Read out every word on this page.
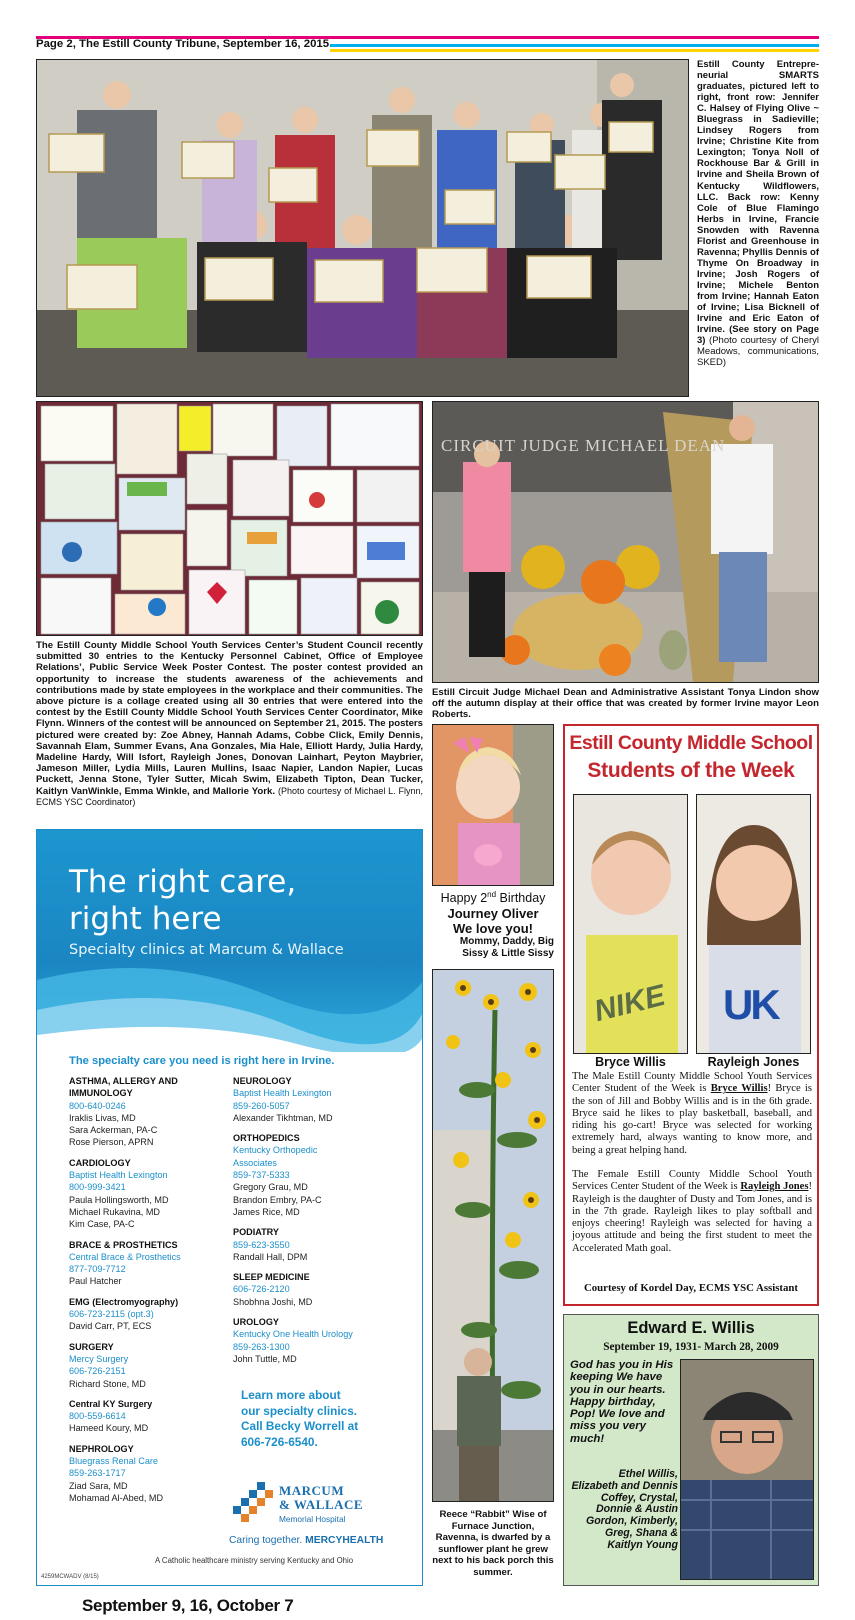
Page 2, The Estill County Tribune, September 16, 2015
Estill County Entrepre-neurial SMARTS graduates, pictured left to right, front row: Jennifer C. Halsey of Flying Olive ~ Bluegrass in Sadieville; Lindsey Rogers from Irvine; Christine Kite from Lexington; Tonya Noll of Rockhouse Bar & Grill in Irvine and Sheila Brown of Kentucky Wildflowers, LLC. Back row: Kenny Cole of Blue Flamingo Herbs in Irvine, Francie Snowden with Ravenna Florist and Greenhouse in Ravenna; Phyllis Dennis of Thyme On Broadway in Irvine; Josh Rogers of Irvine; Michele Benton from Irvine; Hannah Eaton of Irvine; Lisa Bicknell of Irvine and Eric Eaton of Irvine. (See story on Page 3) (Photo courtesy of Cheryl Meadows, communications, SKED)
The Estill County Middle School Youth Services Center’s Student Council recently submitted 30 entries to the Kentucky Personnel Cabinet, Office of Employee Relations’, Public Service Week Poster Contest. The poster contest provided an opportunity to increase the students awareness of the achievements and contributions made by state employees in the workplace and their communities. The above picture is a collage created using all 30 entries that were entered into the contest by the Estill County Middle School Youth Services Center Coordinator, Mike Flynn. Winners of the contest will be announced on September 21, 2015. The posters pictured were created by: Zoe Abney, Hannah Adams, Cobbe Click, Emily Dennis, Savannah Elam, Summer Evans, Ana Gonzales, Mia Hale, Elliott Hardy, Julia Hardy, Madeline Hardy, Will Isfort, Rayleigh Jones, Donovan Lainhart, Peyton Maybrier, Jameson Miller, Lydia Mills, Lauren Mullins, Isaac Napier, Landon Napier, Lucas Puckett, Jenna Stone, Tyler Sutter, Micah Swim, Elizabeth Tipton, Dean Tucker, Kaitlyn VanWinkle, Emma Winkle, and Mallorie York. (Photo courtesy of Michael L. Flynn, ECMS YSC Coordinator)
CIRCUIT JUDGE MICHAEL DEAN
Estill Circuit Judge Michael Dean and Administrative Assistant Tonya Lindon show off the autumn display at their office that was created by former Irvine mayor Leon Roberts.
Happy 2nd Birthday
Journey Oliver
We love you!
Mommy, Daddy, Big Sissy & Little Sissy
Reece “Rabbit” Wise of Furnace Junction, Ravenna, is dwarfed by a sunflower plant he grew next to his back porch this summer.
Estill County Middle School
Students of the Week
NIKE UK
Bryce Willis	Rayleigh Jones
The Male Estill County Middle School Youth Services Center Student of the Week is Bryce Willis! Bryce is the son of Jill and Bobby Willis and is in the 6th grade. Bryce said he likes to play basketball, baseball, and riding his go-cart! Bryce was selected for working extremely hard, always wanting to know more, and being a great helping hand.
The Female Estill County Middle School Youth Services Center Student of the Week is Rayleigh Jones! Rayleigh is the daughter of Dusty and Tom Jones, and is in the 7th grade. Rayleigh likes to play softball and enjoys cheering! Rayleigh was selected for having a joyous attitude and being the first student to meet the Accelerated Math goal.
Courtesy of Kordel Day, ECMS YSC Assistant
Edward E. Willis
September 19, 1931- March 28, 2009
God has you in His keeping We have you in our hearts. Happy birthday, Pop! We love and miss you very much!
Ethel Willis, Elizabeth and Dennis Coffey, Crystal, Donnie & Austin Gordon, Kimberly, Greg, Shana & Kaitlyn Young
The right care,
right here
Specialty clinics at Marcum & Wallace
The specialty care you need is right here in Irvine.
ASTHMA, ALLERGY AND IMMUNOLOGY
800-640-0246
Iraklis Livas, MD
Sara Ackerman, PA-C
Rose Pierson, APRN
CARDIOLOGY
Baptist Health Lexington
800-999-3421
Paula Hollingsworth, MD
Michael Rukavina, MD
Kim Case, PA-C
BRACE & PROSTHETICS
Central Brace & Prosthetics
877-709-7712
Paul Hatcher
EMG (Electromyography)
606-723-2115 (opt.3)
David Carr, PT, ECS
SURGERY
Mercy Surgery
606-726-2151
Richard Stone, MD
Central KY Surgery
800-559-6614
Hameed Koury, MD
NEPHROLOGY
Bluegrass Renal Care
859-263-1717
Ziad Sara, MD
Mohamad Al-Abed, MD
NEUROLOGY
Baptist Health Lexington
859-260-5057
Alexander Tikhtman, MD
ORTHOPEDICS
Kentucky Orthopedic
Associates
859-737-5333
Gregory Grau, MD
Brandon Embry, PA-C
James Rice, MD
PODIATRY
859-623-3550
Randall Hall, DPM
SLEEP MEDICINE
606-726-2120
Shobhna Joshi, MD
UROLOGY
Kentucky One Health Urology
859-263-1300
John Tuttle, MD
Learn more about
our specialty clinics.
Call Becky Worrell at
606-726-6540.
MARCUM
& WALLACE
Memorial Hospital
Caring together. MERCYHEALTH
A Catholic healthcare ministry serving Kentucky and Ohio
4259MCWADV (8/15)
September 9, 16, October 7
